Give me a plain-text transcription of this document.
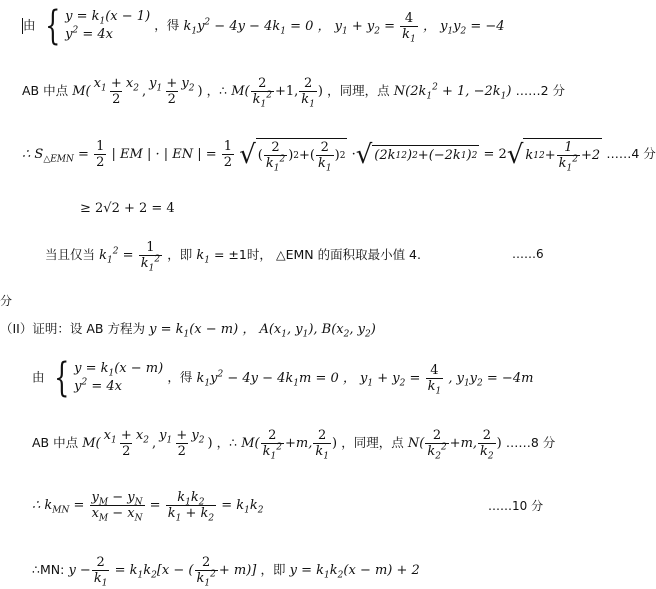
由 { $y = k_1(x - 1)$
$y^2 = 4x$
，得 $k_1y^2 - 4y - 4k_1 = 0$ ， $y_1 + y_2 = \frac{4}{k_1}$ ， $y_1y_2 = -4$
AB 中点 $M( \frac{x_1 + x_2}{2}$ , $\frac{y_1 + y_2}{2}$ ) ，∴ $M( \frac{2}{k_1^2} +1$, $\frac{2}{k_1}$ ) ，同理，点 $N(2k_1^2 + 1$, $-2k_1$) ……2 分
∴ $S_{\triangle EMN} = \frac{1}{2}$ | EM | · | EN | = $\frac{1}{2}$
√ ( $\frac{2}{k_1^2}$ ) 2 +( $\frac{2}{k_1}$ ) 2 · √ (2k 1 2 ) 2 +(−2k 1 ) 2 = 2 √ k 1 $2 + \frac{1}{k_1^2} +2$ ……4 分
≥ 2√2 + 2 = 4
当且仅当 $k_1^2 = \frac{1}{k_1^2}$ ，即 $k_1 = \pm 1$时， △EMN 的面积取最小值 4.	……6
分
（II）证明：设 AB 方程为 $y = k_1(x - m)$ ， $A(x_1$, $y_1$), $B(x_2$, $y_2$)
由 { $y = k_1(x - m)$
$y^2 = 4x$
，得 $k_1y^2 - 4y - 4k_1m = 0$ ， $y_1 + y_2 = \frac{4}{k_1}$ , $y_1y_2 = -4m$
AB 中点 $M( \frac{x_1 + x_2}{2}$ , $\frac{y_1 + y_2}{2}$ ) ，∴ $M( \frac{2}{k_1^2} +m$, $\frac{2}{k_1}$ ) ，同理，点 $N( \frac{2}{k_2^2} +m$, $\frac{2}{k_2}$ ) ……8 分
∴ $k_{MN} = \frac{y_M - y_N}{x_M - x_N} = \frac{k_1k_2}{k_1 + k_2} = k_1k_2$	……10 分
∴MN: $y - \frac{2}{k_1} = k_1k_2[x$ − ( $\frac{2}{k_1^2} + m$)] ，即 $y = k_1k_2(x - m) + 2$
